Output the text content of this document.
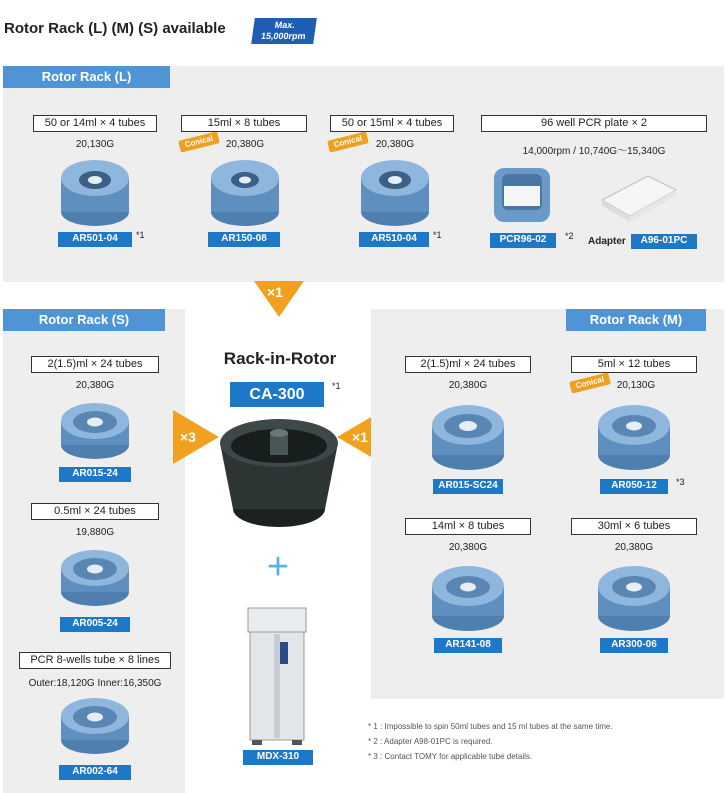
Rotor Rack (L) (M) (S) available	Max.
15,000rpm
Rotor Rack (L)
50 or 14ml × 4 tubes
20,130G
AR501-04	*1
15ml × 8 tubes
Conical	20,380G
AR150-08
50 or 15ml × 4 tubes
Conical	20,380G
AR510-04	*1
96 well PCR plate × 2
14,000rpm / 10,740G～15,340G
PCR96-02	*2 Adapter	A96-01PC
×1
Rotor Rack (S)
2(1.5)ml × 24 tubes
20,380G
AR015-24
0.5ml × 24 tubes
19,880G
AR005-24
PCR 8-wells tube × 8 lines
Outer:18,120G Inner:16,350G
AR002-64
×3
Rack-in-Rotor
CA-300	*1
+
MDX-310
×1
Rotor Rack (M)
2(1.5)ml × 24 tubes
20,380G
AR015-SC24
5ml × 12 tubes
Conical	20,130G
AR050-12	*3
14ml × 8 tubes
20,380G
AR141-08
30ml × 6 tubes
20,380G
AR300-06
* 1 : Impossible to spin 50ml tubes and 15 ml tubes at the same time.
* 2 : Adapter A98-01PC is required.
* 3 : Contact TOMY for applicable tube details.
